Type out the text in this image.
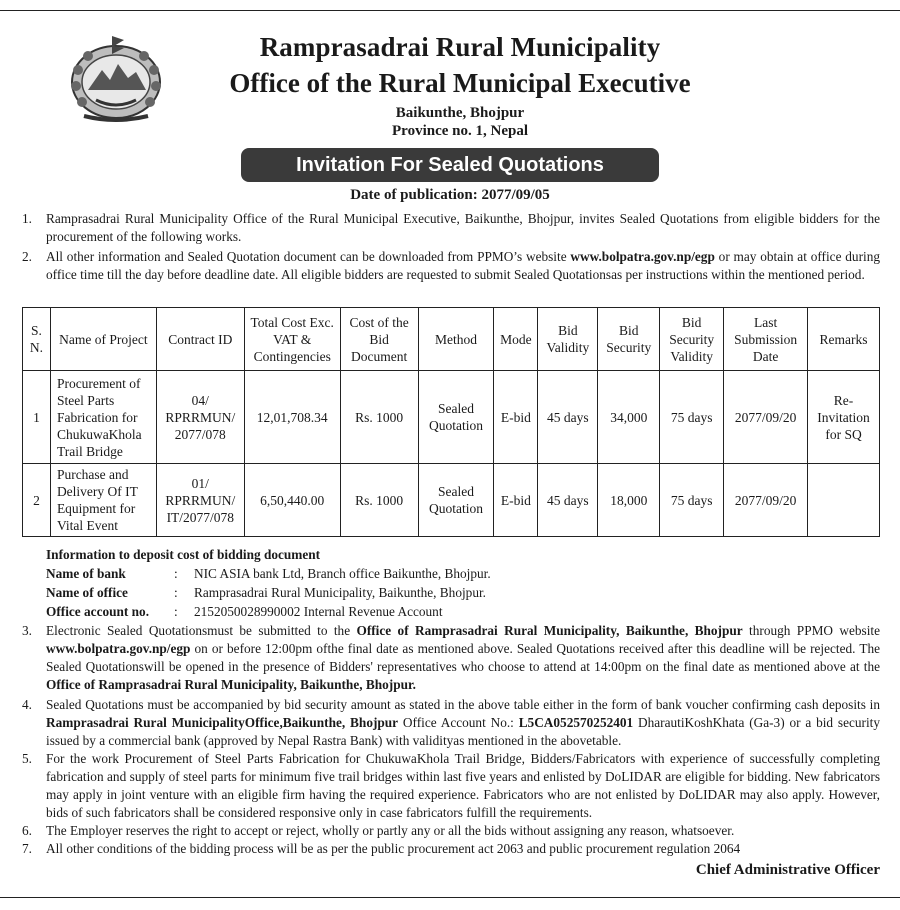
Ramprasadrai Rural Municipality
Office of the Rural Municipal Executive
Baikunthe, Bhojpur
Province no. 1, Nepal
Invitation For Sealed Quotations
Date of publication: 2077/09/05
1. Ramprasadrai Rural Municipality Office of the Rural Municipal Executive, Baikunthe, Bhojpur, invites Sealed Quotations from eligible bidders for the procurement of the following works.
2. All other information and Sealed Quotation document can be downloaded from PPMO’s website www.bolpatra.gov.np/egp or may obtain at office during office time till the day before deadline date. All eligible bidders are requested to submit Sealed Quotationsas per instructions within the mentioned period.
S. N.	Name of Project	Contract ID	Total Cost Exc. VAT & Contingencies	Cost of the Bid Document	Method	Mode	Bid Validity	Bid Security	Bid Security Validity	Last Submission Date	Remarks
1	Procurement of Steel Parts Fabrication for ChukuwaKhola Trail Bridge	04/ RPRRMUN/ 2077/078	12,01,708.34	Rs. 1000	Sealed Quotation	E-bid	45 days	34,000	75 days	2077/09/20	Re-Invitation for SQ
2	Purchase and Delivery Of IT Equipment for Vital Event	01/ RPRRMUN/ IT/2077/078	6,50,440.00	Rs. 1000	Sealed Quotation	E-bid	45 days	18,000	75 days	2077/09/20	
Information to deposit cost of bidding document
Name of bank	:	NIC ASIA bank Ltd, Branch office Baikunthe, Bhojpur.
Name of office	:	Ramprasadrai Rural Municipality, Baikunthe, Bhojpur.
Office account no.	:	2152050028990002 Internal Revenue Account
3. Electronic Sealed Quotationsmust be submitted to the Office of Ramprasadrai Rural Municipality, Baikunthe, Bhojpur through PPMO website www.bolpatra.gov.np/egp on or before 12:00pm ofthe final date as mentioned above. Sealed Quotations received after this deadline will be rejected. The Sealed Quotationswill be opened in the presence of Bidders' representatives who choose to attend at 14:00pm on the final date as mentioned above at the Office of Ramprasadrai Rural Municipality, Baikunthe, Bhojpur.
4. Sealed Quotations must be accompanied by bid security amount as stated in the above table either in the form of bank voucher confirming cash deposits in Ramprasadrai Rural MunicipalityOffice,Baikunthe, Bhojpur Office Account No.: L5CA052570252401 DharautiKoshKhata (Ga-3) or a bid security issued by a commercial bank (approved by Nepal Rastra Bank) with validityas mentioned in the abovetable.
5. For the work Procurement of Steel Parts Fabrication for ChukuwaKhola Trail Bridge, Bidders/Fabricators with experience of successfully completing fabrication and supply of steel parts for minimum five trail bridges within last five years and enlisted by DoLIDAR are eligible for bidding. New fabricators may apply in joint venture with an eligible firm having the required experience. Fabricators who are not enlisted by DoLIDAR may also apply. However, bids of such fabricators shall be considered responsive only in case fabricators fulfill the requirements.
6. The Employer reserves the right to accept or reject, wholly or partly any or all the bids without assigning any reason, whatsoever.
7. All other conditions of the bidding process will be as per the public procurement act 2063 and public procurement regulation 2064
Chief Administrative Officer
